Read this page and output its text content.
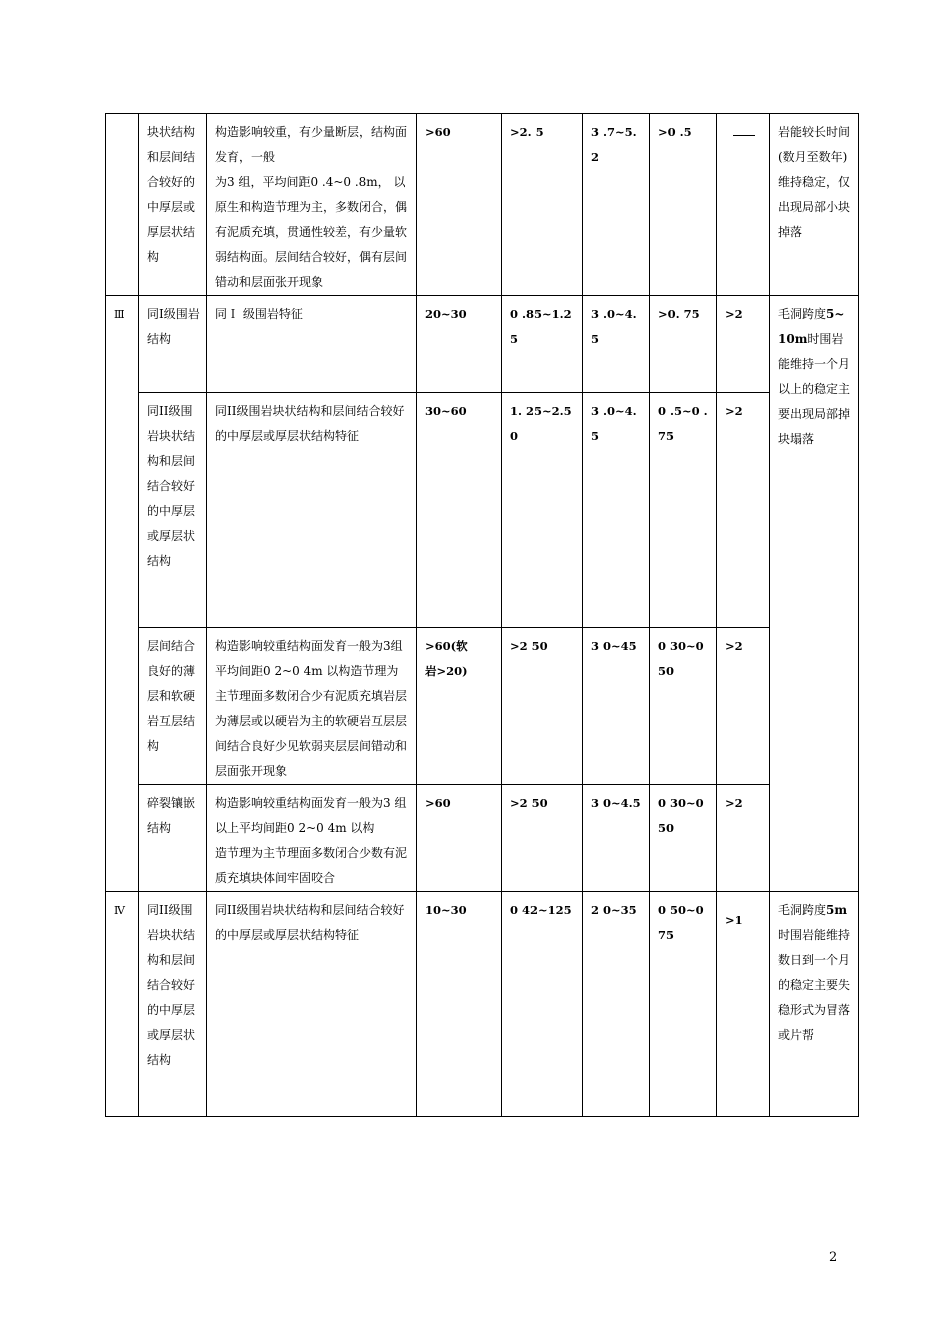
	块状结构和层间结合较好的中厚层或厚层状结构	构造影响较重，有少量断层，结构面发育，一般
为3 组，平均间距0 .4~0 .8m， 以原生和构造节理为主，多数闭合，偶有泥质充填，贯通性较差，有少量软弱结构面。层间结合较好，偶有层间错动和层面张开现象	>60	>2. 5	3 .7~5. 2	>0 .5		岩能较长时间(数月至数年)维持稳定，仅出现局部小块掉落
Ⅲ	同I级围岩结构	同Ｉ 级围岩特征	20~30	0 .85~1.25	3 .0~4.5	>0. 75	>2	毛洞跨度5~10m时围岩能维持一个月以上的稳定主要出现局部掉块塌落
	同II级围岩块状结构和层间结合较好的中厚层或厚层状结构	同II级围岩块状结构和层间结合较好的中厚层或厚层状结构特征	30~60	1. 25~2.50	3 .0~4.5	0 .5~0 .75	>2	
	层间结合良好的薄层和软硬岩互层结构	构造影响较重结构面发育一般为3组平均间距0 2~0 4m 以构造节理为主节理面多数闭合少有泥质充填岩层为薄层或以硬岩为主的软硬岩互层层间结合良好少见软弱夹层层间错动和层面张开现象	>60(软
岩>20)	>2 50	3 0~45	0 30~0 50	>2	
	碎裂镶嵌结构	构造影响较重结构面发育一般为3 组以上平均间距0 2~0 4m 以构
造节理为主节理面多数闭合少数有泥质充填块体间牢固咬合	>60	>2 50	3 0~4.5	0 30~0 50	>2	
Ⅳ	同II级围岩块状结构和层间结合较好的中厚层或厚层状结构	同II级围岩块状结构和层间结合较好的中厚层或厚层状结构特征	10~30	0 42~125	2 0~35	0 50~0 75	>1	毛洞跨度5m时围岩能维持数日到一个月的稳定主要失稳形式为冒落或片帮
2
